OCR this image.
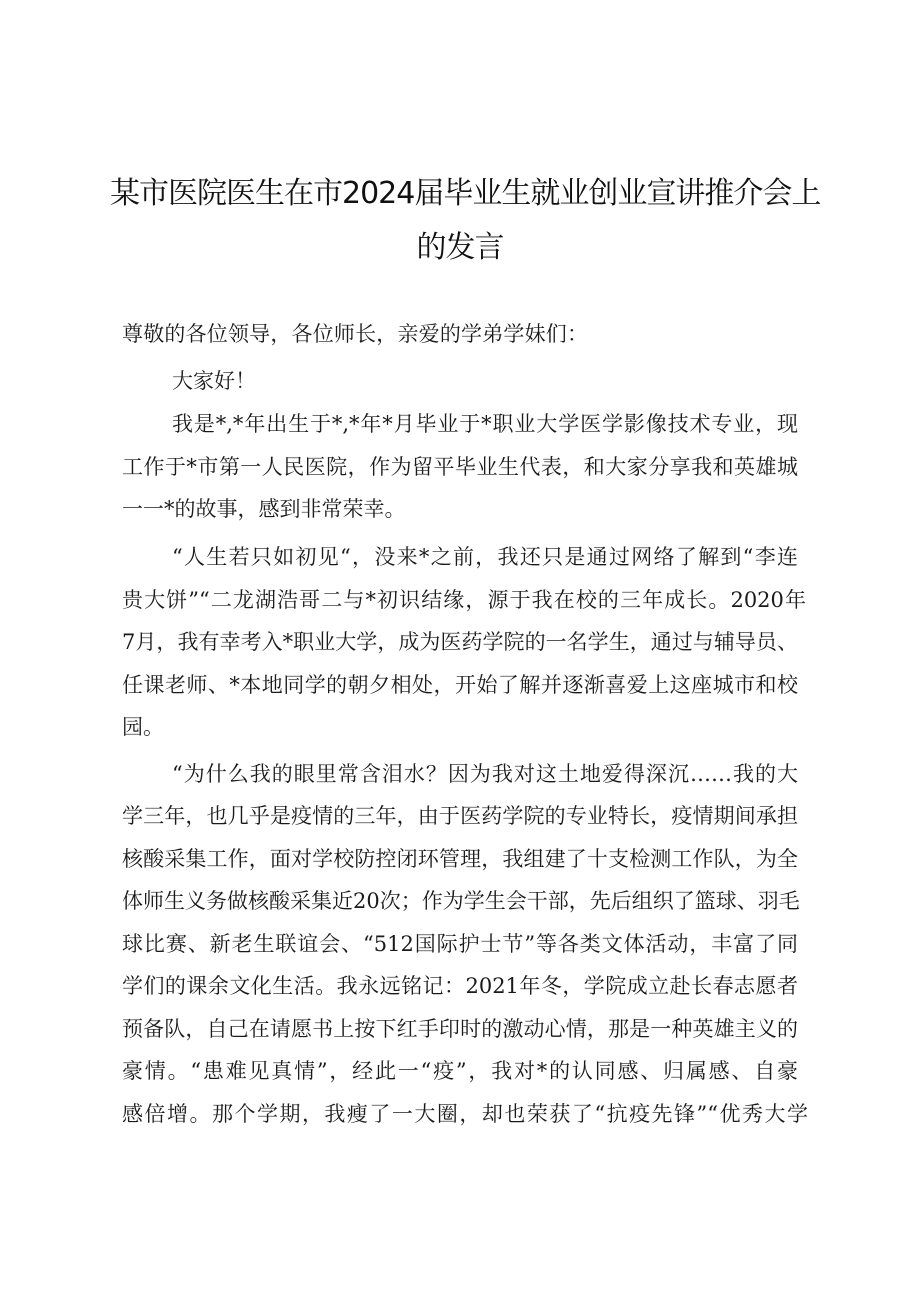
某市医院医生在市2024届毕业生就业创业宣讲推介会上
的发言
尊敬的各位领导，各位师长，亲爱的学弟学妹们：
大家好！
我是*,*年出生于*,*年*月毕业于*职业大学医学影像技术专业，现
工作于*市第一人民医院，作为留平毕业生代表，和大家分享我和英雄城
一一*的故事，感到非常荣幸。
“人生若只如初见“，没来*之前，我还只是通过网络了解到“李连
贵大饼”“二龙湖浩哥二与*初识结缘，源于我在校的三年成长。2020年
7月，我有幸考入*职业大学，成为医药学院的一名学生，通过与辅导员、
任课老师、*本地同学的朝夕相处，开始了解并逐渐喜爱上这座城市和校
园。
“为什么我的眼里常含泪水？因为我对这土地爱得深沉……我的大
学三年，也几乎是疫情的三年，由于医药学院的专业特长，疫情期间承担
核酸采集工作，面对学校防控闭环管理，我组建了十支检测工作队，为全
体师生义务做核酸采集近20次；作为学生会干部，先后组织了篮球、羽毛
球比赛、新老生联谊会、“512国际护士节”等各类文体活动，丰富了同
学们的课余文化生活。我永远铭记：2021年冬，学院成立赴长春志愿者
预备队，自己在请愿书上按下红手印时的激动心情，那是一种英雄主义的
豪情。“患难见真情”，经此一“疫”，我对*的认同感、归属感、自豪
感倍增。那个学期，我瘦了一大圈，却也荣获了“抗疫先锋”“优秀大学
